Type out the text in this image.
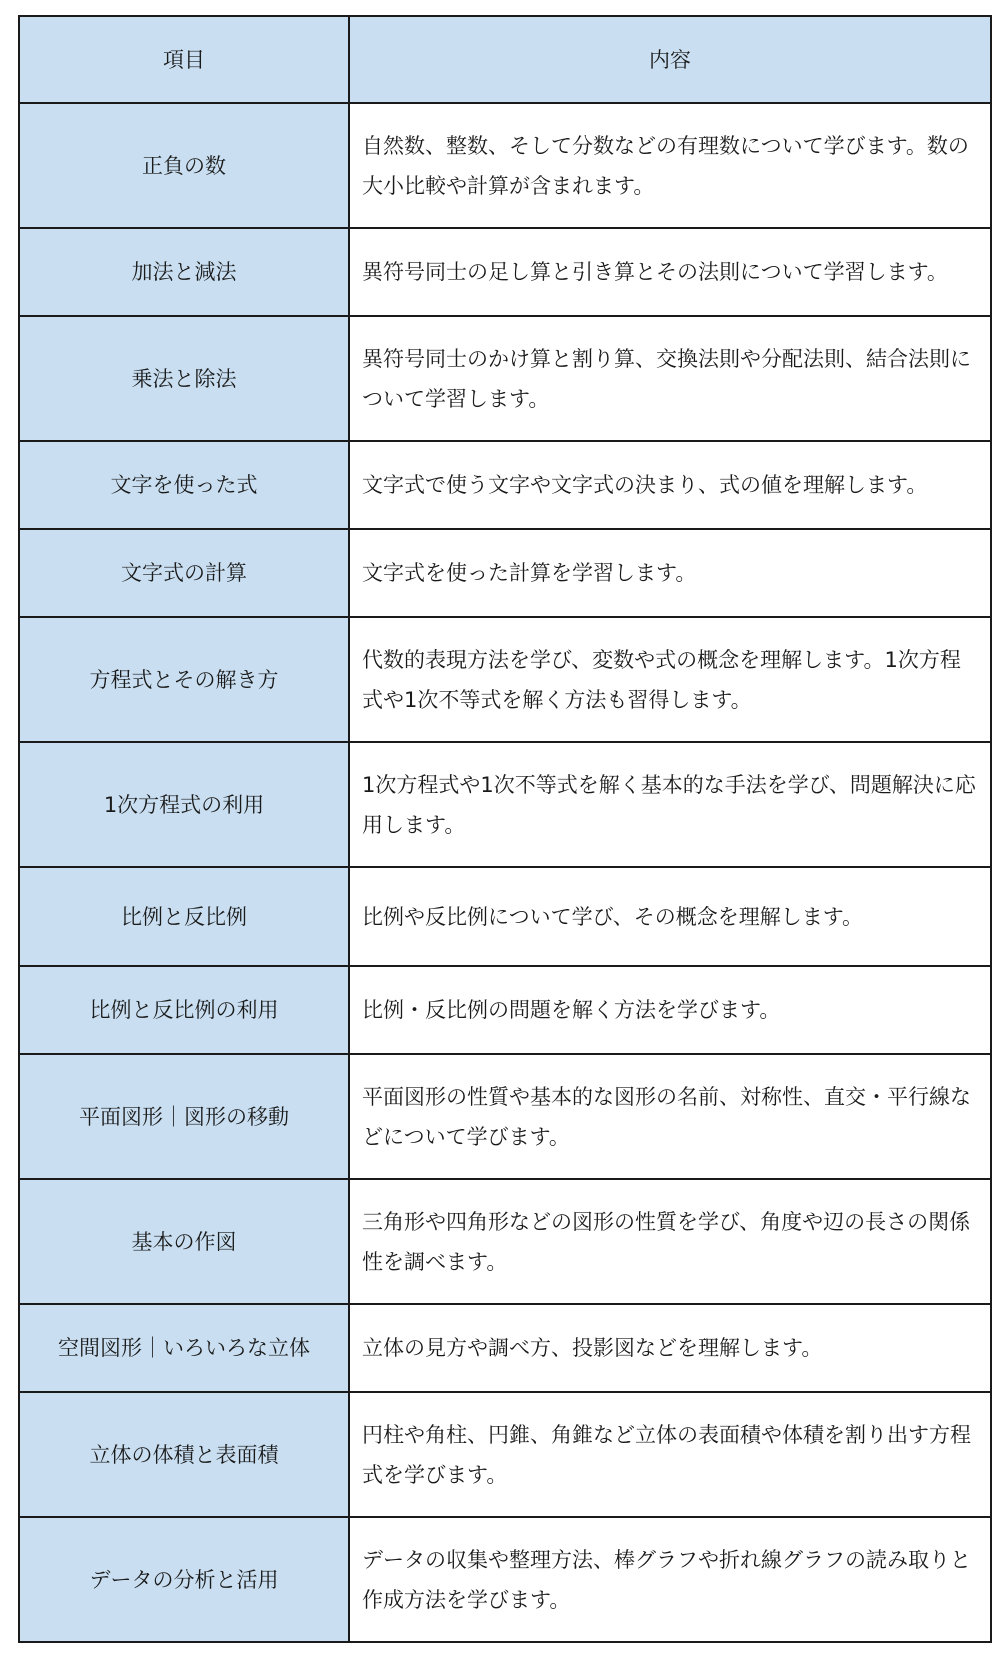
項目	内容
正負の数	自然数、整数、そして分数などの有理数について学びます。数の大小比較や計算が含まれます。
加法と減法	異符号同士の足し算と引き算とその法則について学習します。
乗法と除法	異符号同士のかけ算と割り算、交換法則や分配法則、結合法則について学習します。
文字を使った式	文字式で使う文字や文字式の決まり、式の値を理解します。
文字式の計算	文字式を使った計算を学習します。
方程式とその解き方	代数的表現方法を学び、変数や式の概念を理解します。1次方程式や1次不等式を解く方法も習得します。
1次方程式の利用	1次方程式や1次不等式を解く基本的な手法を学び、問題解決に応用します。
比例と反比例	比例や反比例について学び、その概念を理解します。
比例と反比例の利用	比例・反比例の問題を解く方法を学びます。
平面図形｜図形の移動	平面図形の性質や基本的な図形の名前、対称性、直交・平行線などについて学びます。
基本の作図	三角形や四角形などの図形の性質を学び、角度や辺の長さの関係性を調べます。
空間図形｜いろいろな立体	立体の見方や調べ方、投影図などを理解します。
立体の体積と表面積	円柱や角柱、円錐、角錐など立体の表面積や体積を割り出す方程式を学びます。
データの分析と活用	データの収集や整理方法、棒グラフや折れ線グラフの読み取りと作成方法を学びます。
